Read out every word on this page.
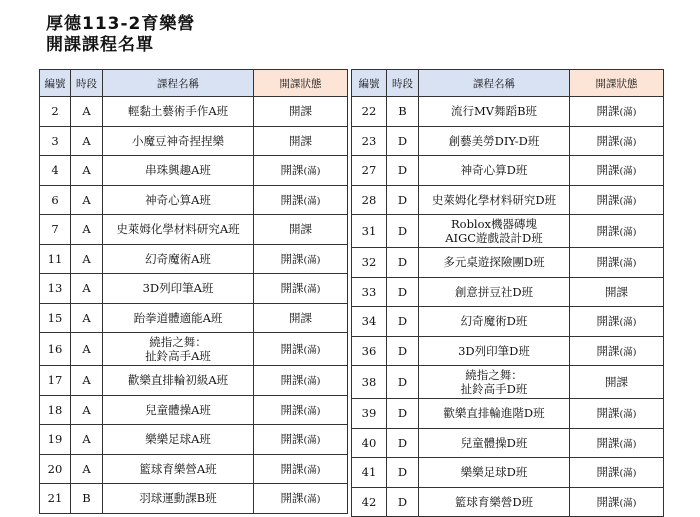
厚德113-2育樂營
開課課程名單
編號	時段	課程名稱	開課狀態
2	A	輕黏土藝術手作A班	開課
3	A	小魔豆神奇捏捏樂	開課
4	A	串珠興趣A班	開課(滿)
6	A	神奇心算A班	開課(滿)
7	A	史萊姆化學材料研究A班	開課
11	A	幻奇魔術A班	開課(滿)
13	A	3D列印筆A班	開課(滿)
15	A	跆拳道體適能A班	開課
16	A	繞指之舞：
扯鈴高手A班	開課(滿)
17	A	歡樂直排輪初級A班	開課(滿)
18	A	兒童體操A班	開課(滿)
19	A	樂樂足球A班	開課(滿)
20	A	籃球育樂營A班	開課(滿)
21	B	羽球運動課B班	開課(滿)
編號	時段	課程名稱	開課狀態
22	B	流行MV舞蹈B班	開課(滿)
23	D	創藝美勞DIY-D班	開課(滿)
27	D	神奇心算D班	開課(滿)
28	D	史萊姆化學材料研究D班	開課(滿)
31	D	Roblox機器磚塊
AIGC遊戲設計D班	開課(滿)
32	D	多元桌遊探險團D班	開課(滿)
33	D	創意拼豆社D班	開課
34	D	幻奇魔術D班	開課(滿)
36	D	3D列印筆D班	開課(滿)
38	D	繞指之舞：
扯鈴高手D班	開課
39	D	歡樂直排輪進階D班	開課(滿)
40	D	兒童體操D班	開課(滿)
41	D	樂樂足球D班	開課(滿)
42	D	籃球育樂營D班	開課(滿)
